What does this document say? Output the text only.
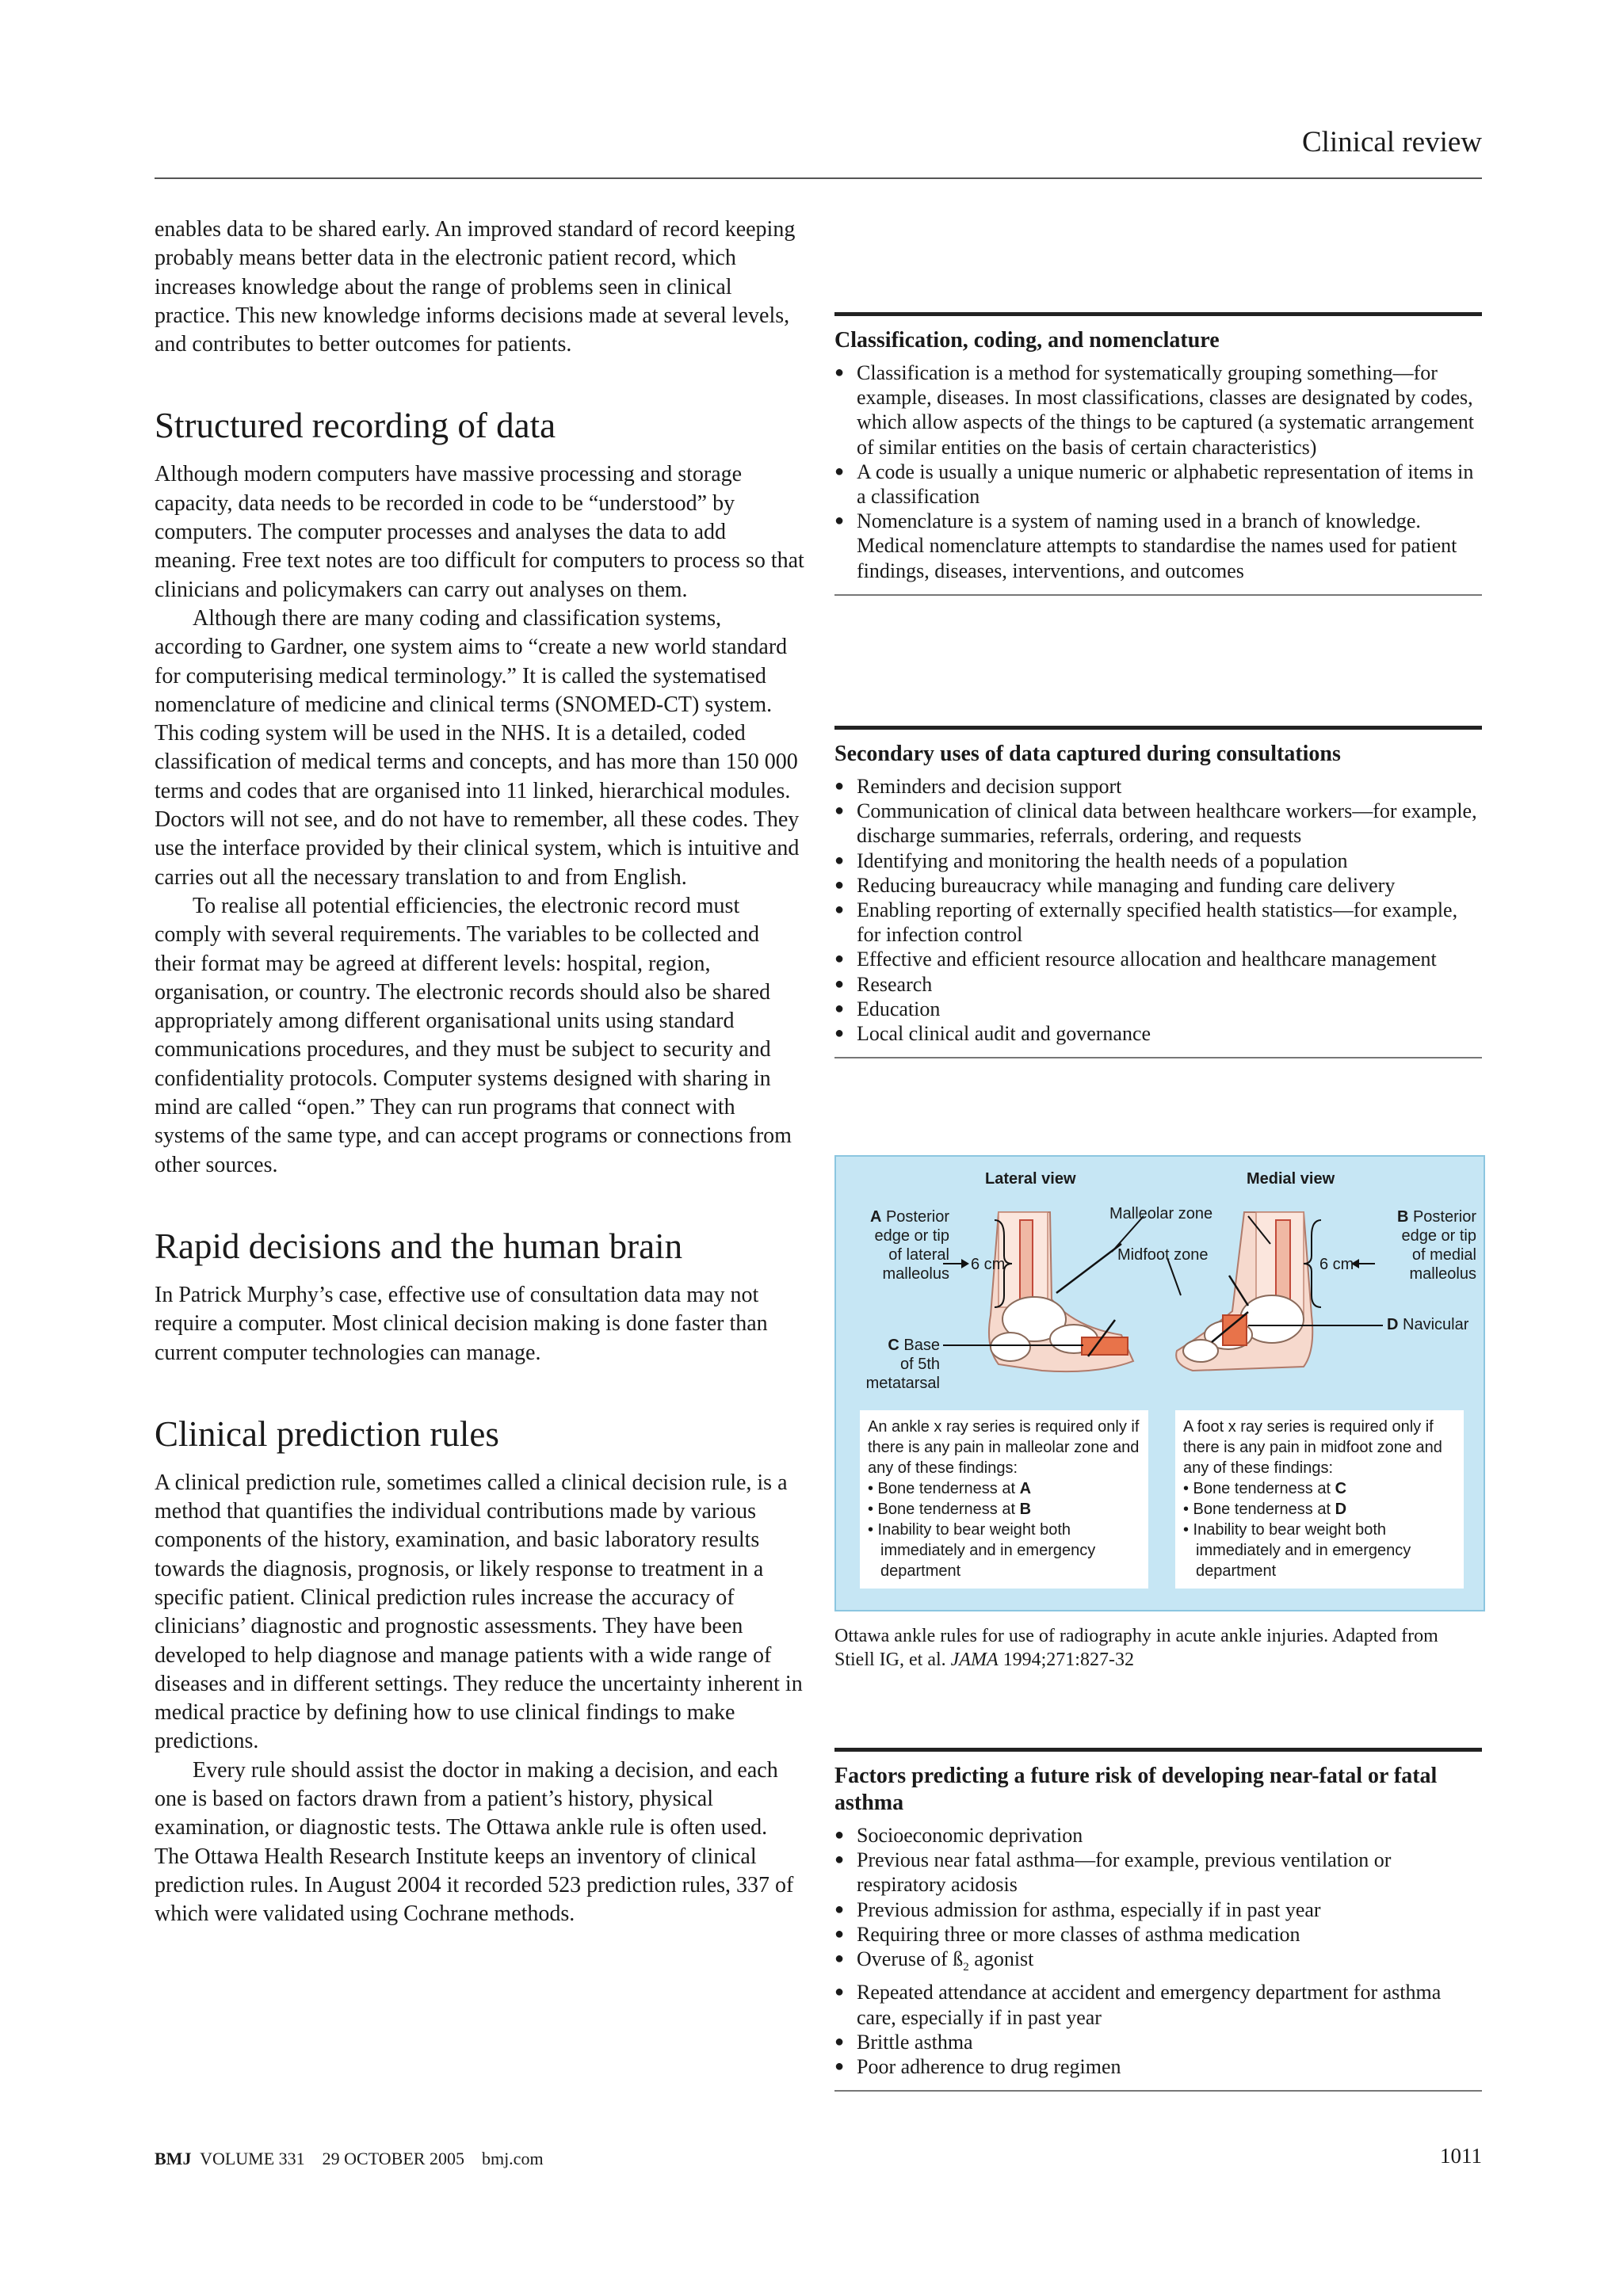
Clinical review

enables data to be shared early. An improved standard of record keeping probably means better data in the electronic patient record, which increases knowledge about the range of problems seen in clinical practice. This new knowledge informs decisions made at several levels, and contributes to better outcomes for patients.

Structured recording of data

Although modern computers have massive processing and storage capacity, data needs to be recorded in code to be “understood” by computers. The computer processes and analyses the data to add meaning. Free text notes are too difficult for computers to process so that clinicians and policymakers can carry out analyses on them.

Although there are many coding and classification systems, according to Gardner, one system aims to “create a new world standard for computerising medical terminology.” It is called the systematised nomenclature of medicine and clinical terms (SNOMED-CT) system. This coding system will be used in the NHS. It is a detailed, coded classification of medical terms and concepts, and has more than 150 000 terms and codes that are organised into 11 linked, hierarchical modules. Doctors will not see, and do not have to remember, all these codes. They use the interface provided by their clinical system, which is intuitive and carries out all the necessary translation to and from English.

To realise all potential efficiencies, the electronic record must comply with several requirements. The variables to be collected and their format may be agreed at different levels: hospital, region, organisation, or country. The electronic records should also be shared appropriately among different organisational units using standard communications procedures, and they must be subject to security and confidentiality protocols. Computer systems designed with sharing in mind are called “open.” They can run programs that connect with systems of the same type, and can accept programs or connections from other sources.

Rapid decisions and the human brain

In Patrick Murphy’s case, effective use of consultation data may not require a computer. Most clinical decision making is done faster than current computer technologies can manage.

Clinical prediction rules

A clinical prediction rule, sometimes called a clinical decision rule, is a method that quantifies the individual contributions made by various components of the history, examination, and basic laboratory results towards the diagnosis, prognosis, or likely response to treatment in a specific patient. Clinical prediction rules increase the accuracy of clinicians’ diagnostic and prognostic assessments. They have been developed to help diagnose and manage patients with a wide range of diseases and in different settings. They reduce the uncertainty inherent in medical practice by defining how to use clinical findings to make predictions.

Every rule should assist the doctor in making a decision, and each one is based on factors drawn from a patient’s history, physical examination, or diagnostic tests. The Ottawa ankle rule is often used. The Ottawa Health Research Institute keeps an inventory of clinical prediction rules. In August 2004 it recorded 523 prediction rules, 337 of which were validated using Cochrane methods.

Classification, coding, and nomenclature
● Classification is a method for systematically grouping something—for example, diseases. In most classifications, classes are designated by codes, which allow aspects of the things to be captured (a systematic arrangement of similar entities on the basis of certain characteristics)
● A code is usually a unique numeric or alphabetic representation of items in a classification
● Nomenclature is a system of naming used in a branch of knowledge. Medical nomenclature attempts to standardise the names used for patient findings, diseases, interventions, and outcomes
Secondary uses of data captured during consultations
● Reminders and decision support
● Communication of clinical data between healthcare workers—for example, discharge summaries, referrals, ordering, and requests
● Identifying and monitoring the health needs of a population
● Reducing bureaucracy while managing and funding care delivery
● Enabling reporting of externally specified health statistics—for example, for infection control
● Effective and efficient resource allocation and healthcare management
● Research
● Education
● Local clinical audit and governance
Lateral view	Medial view
A Posterior
edge or tip
of lateral
malleolus
B Posterior
edge or tip
of medial
malleolus
C Base
of 5th
metatarsal
D Navicular
Malleolar zone
Midfoot zone
6 cm	6 cm
An ankle x ray series is required only if there is any pain in malleolar zone and any of these findings:
• Bone tenderness at A
• Bone tenderness at B
• Inability to bear weight both immediately and in emergency department
A foot x ray series is required only if there is any pain in midfoot zone and any of these findings:
• Bone tenderness at C
• Bone tenderness at D
• Inability to bear weight both immediately and in emergency department
Ottawa ankle rules for use of radiography in acute ankle injuries. Adapted from Stiell IG, et al. JAMA 1994;271:827-32
Factors predicting a future risk of developing near-fatal or fatal asthma
● Socioeconomic deprivation
● Previous near fatal asthma—for example, previous ventilation or respiratory acidosis
● Previous admission for asthma, especially if in past year
● Requiring three or more classes of asthma medication
● Overuse of $ß_2$ agonist
● Repeated attendance at accident and emergency department for asthma care, especially if in past year
● Brittle asthma
● Poor adherence to drug regimen
BMJ VOLUME 331 29 OCTOBER 2005 bmj.com	1011
